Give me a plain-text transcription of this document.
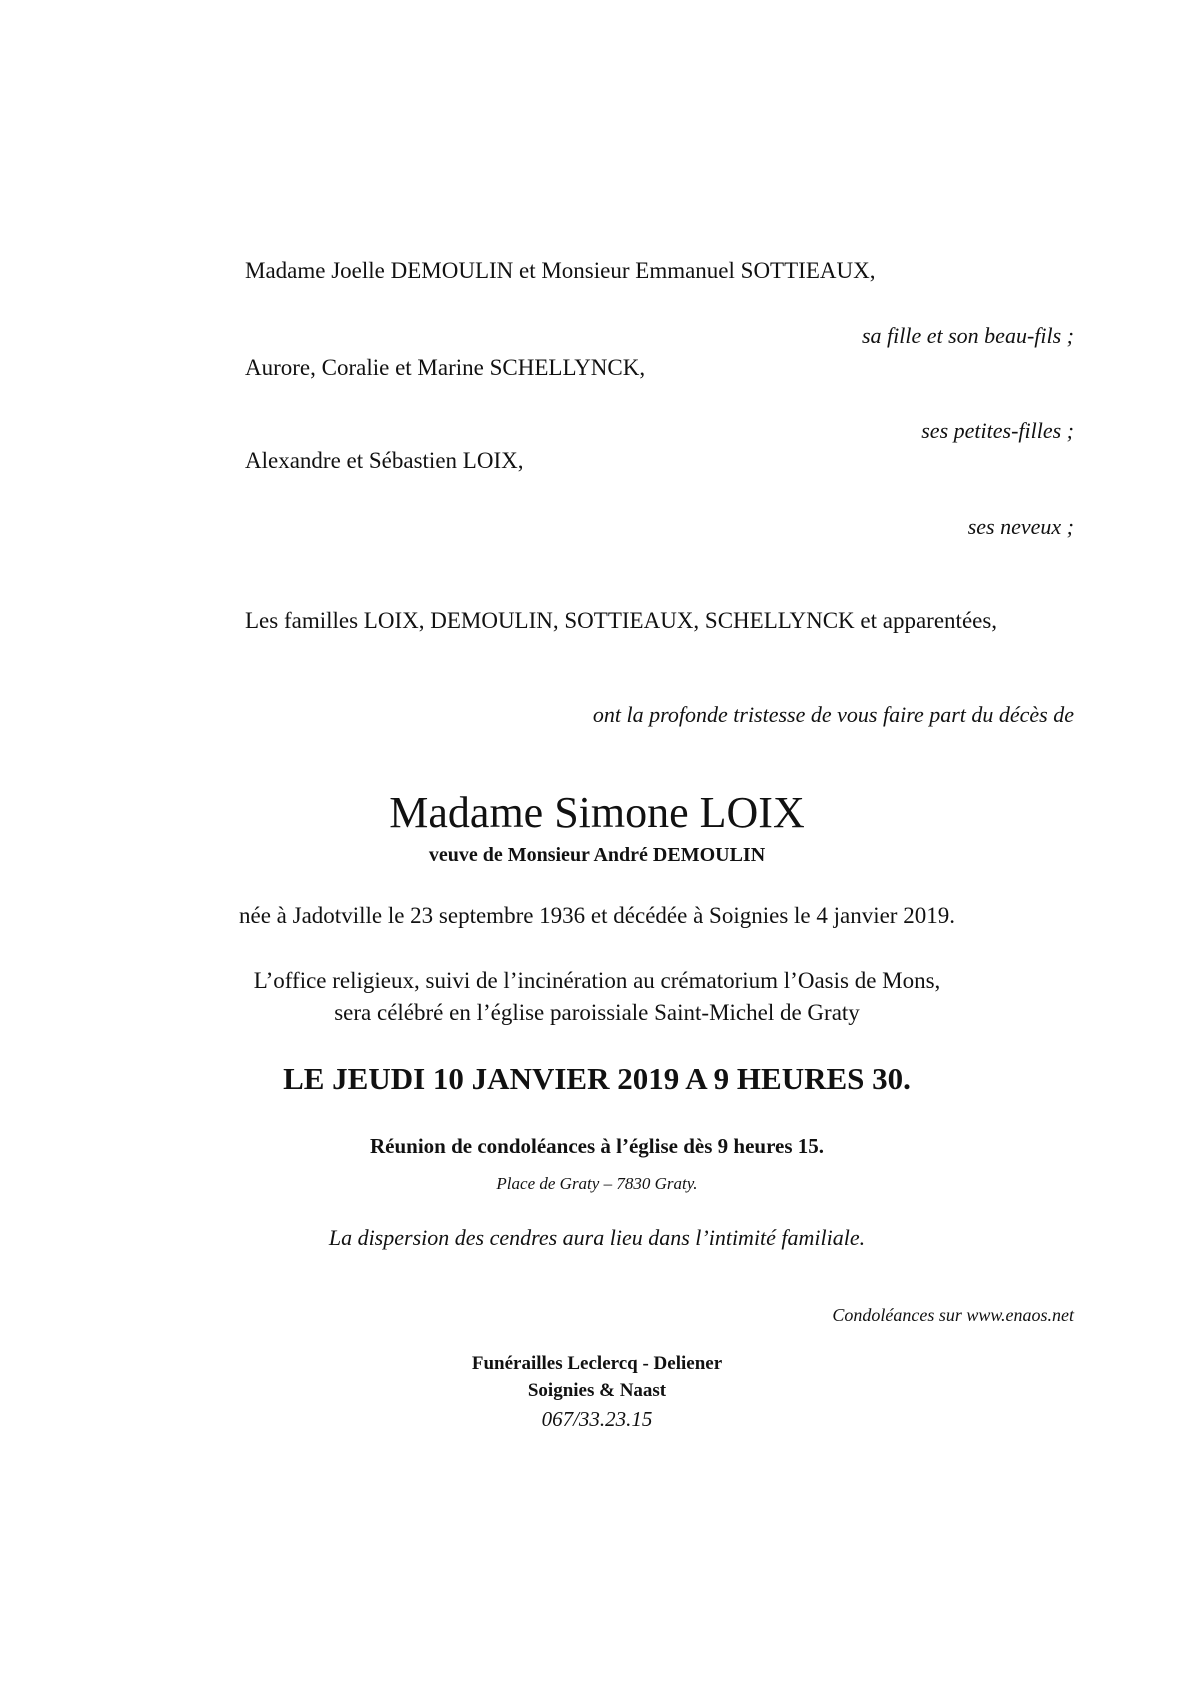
Madame Joelle DEMOULIN et Monsieur Emmanuel SOTTIEAUX,
sa fille et son beau-fils ;
Aurore, Coralie et Marine SCHELLYNCK,
ses petites-filles ;
Alexandre et Sébastien LOIX,
ses neveux ;
Les familles LOIX, DEMOULIN, SOTTIEAUX, SCHELLYNCK et apparentées,
ont la profonde tristesse de vous faire part du décès de
Madame Simone LOIX
veuve de Monsieur André DEMOULIN
née à Jadotville le 23 septembre 1936 et décédée à Soignies le 4 janvier 2019.
L’office religieux, suivi de l’incinération au crématorium l’Oasis de Mons,
sera célébré en l’église paroissiale Saint-Michel de Graty
LE JEUDI 10 JANVIER 2019 A 9 HEURES 30.
Réunion de condoléances à l’église dès 9 heures 15.
Place de Graty – 7830 Graty.
La dispersion des cendres aura lieu dans l’intimité familiale.
Condoléances sur www.enaos.net
Funérailles Leclercq - Deliener
Soignies & Naast
067/33.23.15
